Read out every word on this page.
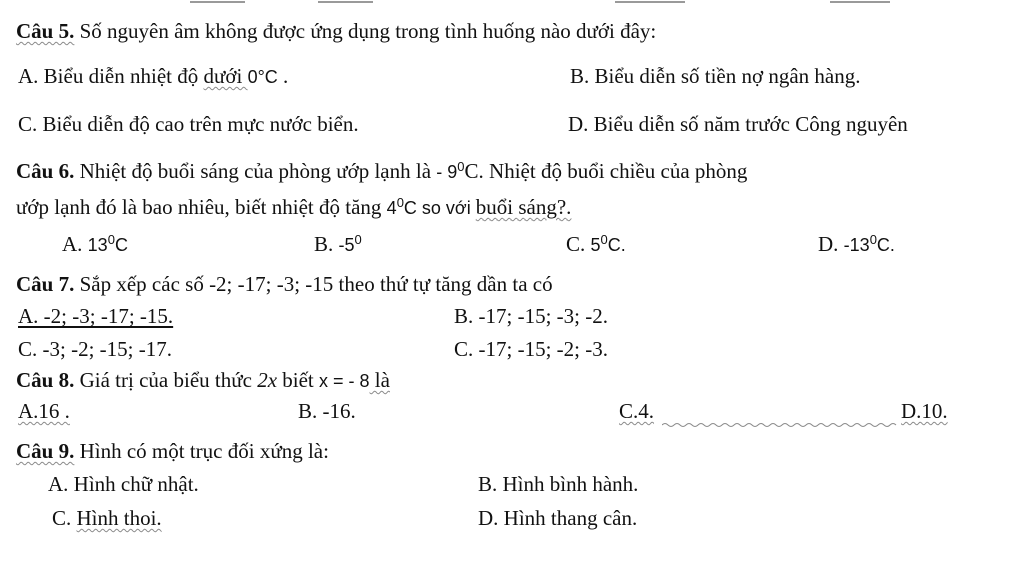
Câu 5. Số nguyên âm không được ứng dụng trong tình huống nào dưới đây:
A. Biểu diễn nhiệt độ dưới 0°C .	B. Biểu diễn số tiền nợ ngân hàng.
C. Biểu diễn độ cao trên mực nước biển.	D. Biểu diễn số năm trước Công nguyên
Câu 6. Nhiệt độ buổi sáng của phòng ướp lạnh là - $9^0C$. Nhiệt độ buổi chiều của phòng
ướp lạnh đó là bao nhiêu, biết nhiệt độ tăng $4^0C$ so với buổi sáng?.
A. $13^0C$	B. $-5^0$	C. $5^0C$.	D. $-13^0C$.
Câu 7. Sắp xếp các số -2; -17; -3; -15 theo thứ tự tăng dần ta có
A. -2; -3; -17; -15.	B. -17; -15; -3; -2.
C. -3; -2; -15; -17.	C. -17; -15; -2; -3.
Câu 8. Giá trị của biểu thức 2x biết x = - 8 là
A.16 .	B. -16.	C.4.	D.10.
Câu 9. Hình có một trục đối xứng là:
A. Hình chữ nhật.	B. Hình bình hành.
C. Hình thoi.	D. Hình thang cân.
